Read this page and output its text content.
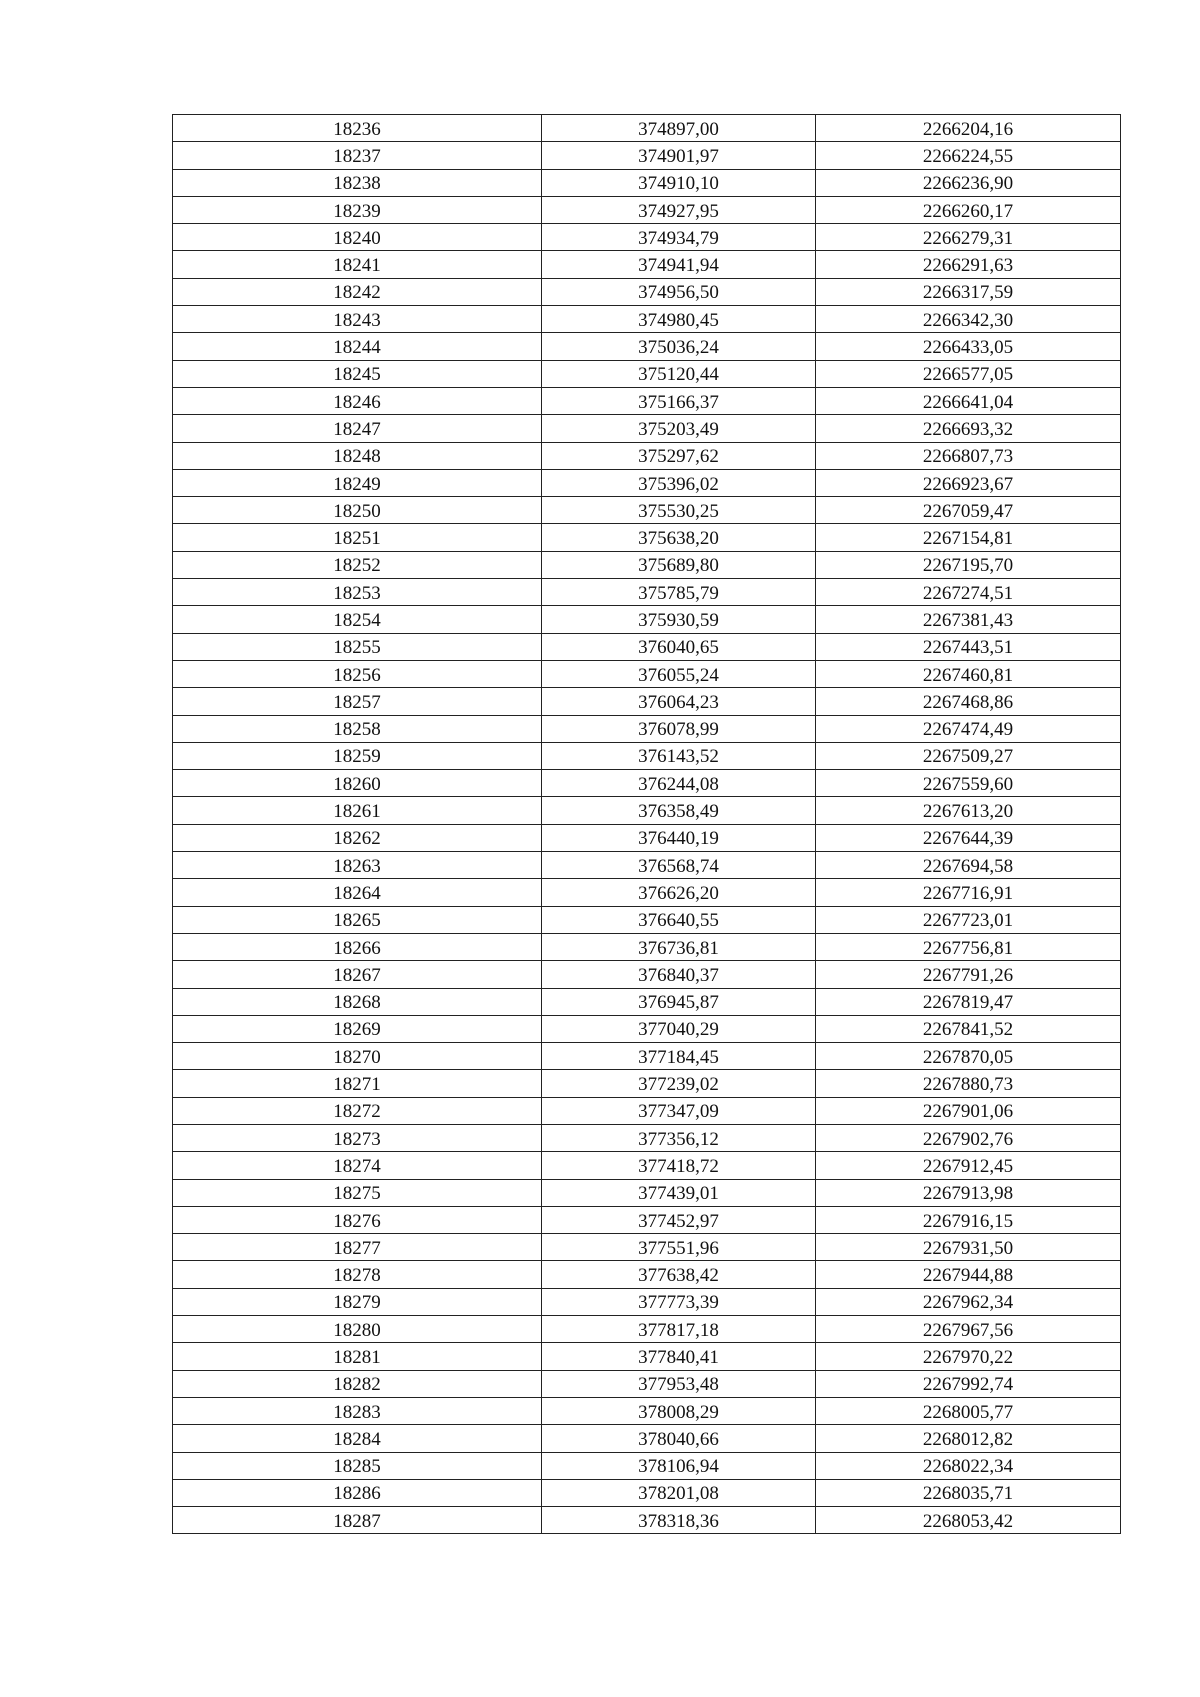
18236	374897,00	2266204,16
18237	374901,97	2266224,55
18238	374910,10	2266236,90
18239	374927,95	2266260,17
18240	374934,79	2266279,31
18241	374941,94	2266291,63
18242	374956,50	2266317,59
18243	374980,45	2266342,30
18244	375036,24	2266433,05
18245	375120,44	2266577,05
18246	375166,37	2266641,04
18247	375203,49	2266693,32
18248	375297,62	2266807,73
18249	375396,02	2266923,67
18250	375530,25	2267059,47
18251	375638,20	2267154,81
18252	375689,80	2267195,70
18253	375785,79	2267274,51
18254	375930,59	2267381,43
18255	376040,65	2267443,51
18256	376055,24	2267460,81
18257	376064,23	2267468,86
18258	376078,99	2267474,49
18259	376143,52	2267509,27
18260	376244,08	2267559,60
18261	376358,49	2267613,20
18262	376440,19	2267644,39
18263	376568,74	2267694,58
18264	376626,20	2267716,91
18265	376640,55	2267723,01
18266	376736,81	2267756,81
18267	376840,37	2267791,26
18268	376945,87	2267819,47
18269	377040,29	2267841,52
18270	377184,45	2267870,05
18271	377239,02	2267880,73
18272	377347,09	2267901,06
18273	377356,12	2267902,76
18274	377418,72	2267912,45
18275	377439,01	2267913,98
18276	377452,97	2267916,15
18277	377551,96	2267931,50
18278	377638,42	2267944,88
18279	377773,39	2267962,34
18280	377817,18	2267967,56
18281	377840,41	2267970,22
18282	377953,48	2267992,74
18283	378008,29	2268005,77
18284	378040,66	2268012,82
18285	378106,94	2268022,34
18286	378201,08	2268035,71
18287	378318,36	2268053,42
